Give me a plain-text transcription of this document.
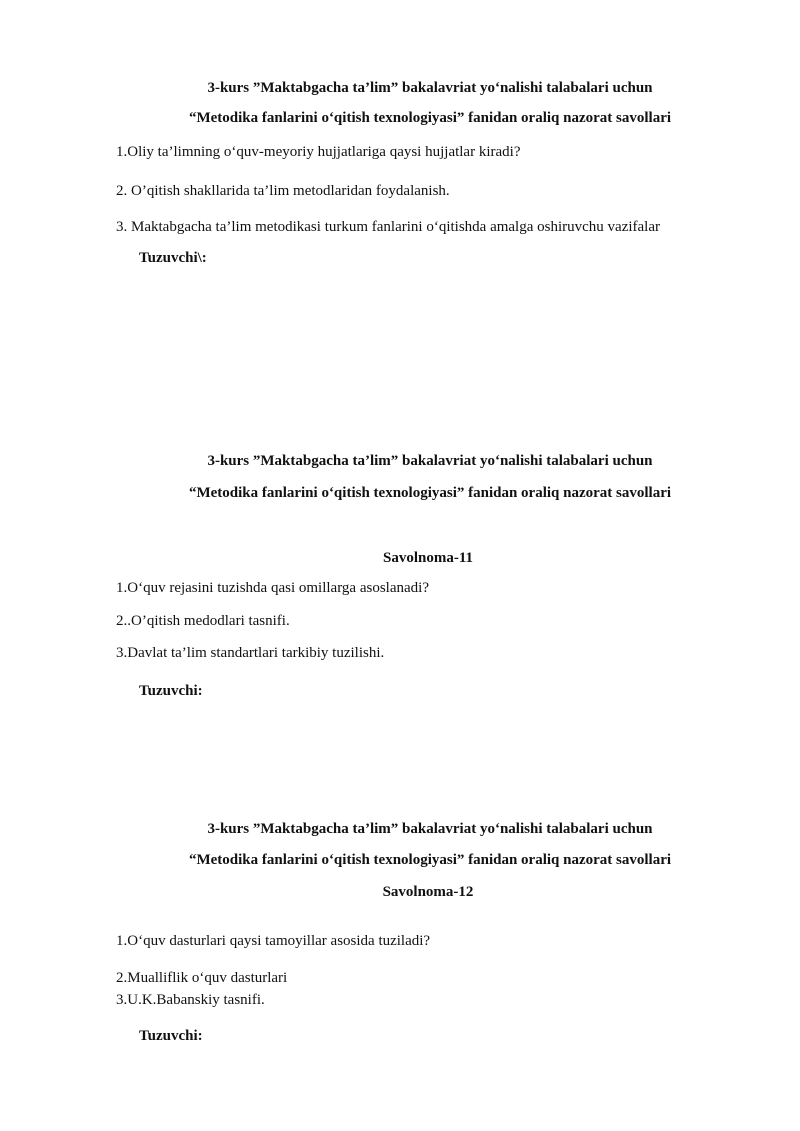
3-kurs ”Maktabgacha ta’lim” bakalavriat yo‘nalishi talabalari uchun
“Metodika fanlarini o‘qitish texnologiyasi” fanidan oraliq nazorat savollari
1.Oliy ta’limning o‘quv-meyoriy hujjatlariga qaysi hujjatlar kiradi?
2. O’qitish shakllarida ta’lim metodlaridan foydalanish.
3. Maktabgacha ta’lim metodikasi turkum fanlarini o‘qitishda amalga oshiruvchu vazifalar
Tuzuvchi\:
3-kurs ”Maktabgacha ta’lim” bakalavriat yo‘nalishi talabalari uchun
“Metodika fanlarini o‘qitish texnologiyasi” fanidan oraliq nazorat savollari
Savolnoma-11
1.O‘quv rejasini tuzishda qasi omillarga asoslanadi?
2..O’qitish medodlari tasnifi.
3.Davlat ta’lim standartlari tarkibiy tuzilishi.
Tuzuvchi:
3-kurs ”Maktabgacha ta’lim” bakalavriat yo‘nalishi talabalari uchun
“Metodika fanlarini o‘qitish texnologiyasi” fanidan oraliq nazorat savollari
Savolnoma-12
1.O‘quv dasturlari qaysi tamoyillar asosida tuziladi?
2.Mualliflik o‘quv dasturlari
3.U.K.Babanskiy tasnifi.
Tuzuvchi:
